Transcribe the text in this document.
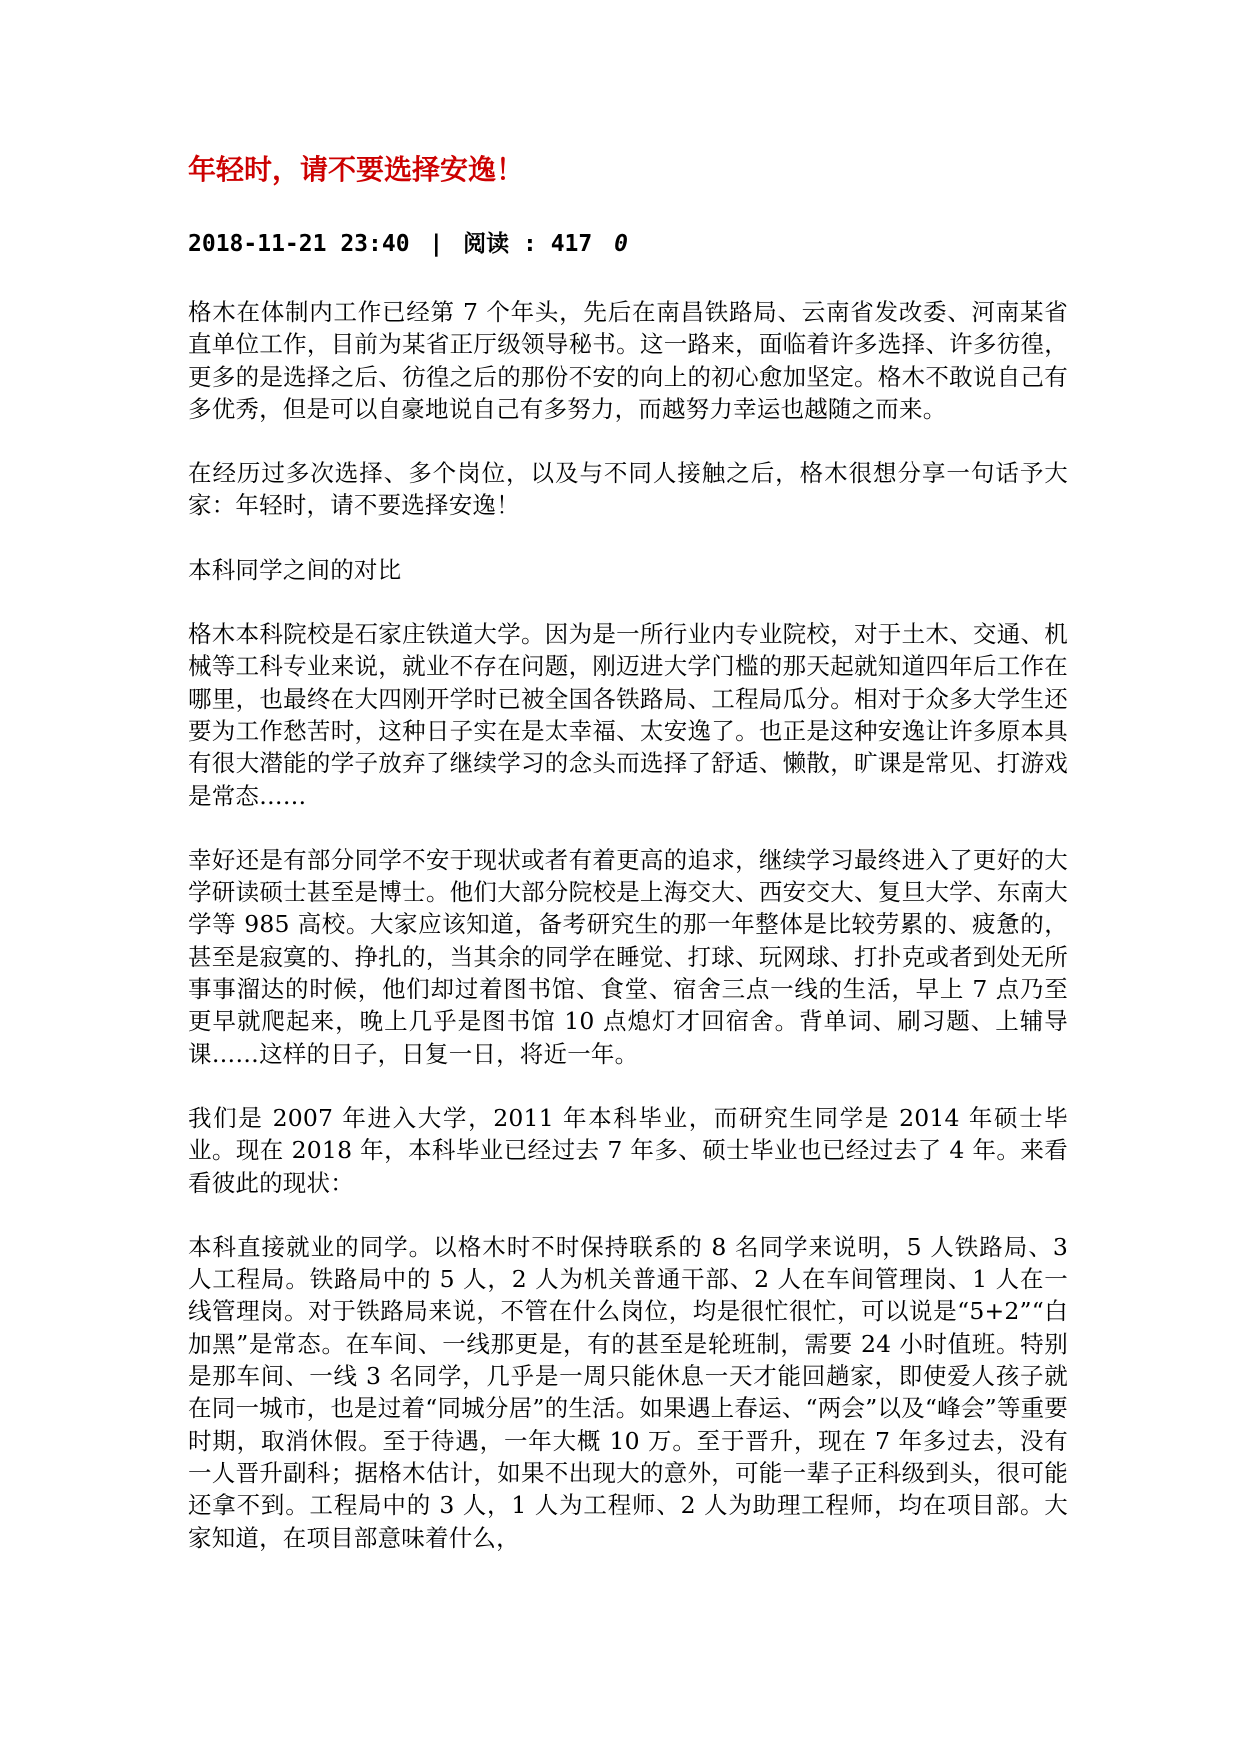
年轻时，请不要选择安逸！
2018-11-21 23:40 | 阅读 : 417 0

格木在体制内工作已经第 7 个年头，先后在南昌铁路局、云南省发改委、河南某省直单位工作，目前为某省正厅级领导秘书。这一路来，面临着许多选择、许多彷徨，更多的是选择之后、彷徨之后的那份不安的向上的初心愈加坚定。格木不敢说自己有多优秀，但是可以自豪地说自己有多努力，而越努力幸运也越随之而来。

在经历过多次选择、多个岗位，以及与不同人接触之后，格木很想分享一句话予大家：年轻时，请不要选择安逸！

本科同学之间的对比

格木本科院校是石家庄铁道大学。因为是一所行业内专业院校，对于土木、交通、机械等工科专业来说，就业不存在问题，刚迈进大学门槛的那天起就知道四年后工作在哪里，也最终在大四刚开学时已被全国各铁路局、工程局瓜分。相对于众多大学生还要为工作愁苦时，这种日子实在是太幸福、太安逸了。也正是这种安逸让许多原本具有很大潜能的学子放弃了继续学习的念头而选择了舒适、懒散，旷课是常见、打游戏是常态……

幸好还是有部分同学不安于现状或者有着更高的追求，继续学习最终进入了更好的大学研读硕士甚至是博士。他们大部分院校是上海交大、西安交大、复旦大学、东南大学等 985 高校。大家应该知道，备考研究生的那一年整体是比较劳累的、疲惫的，甚至是寂寞的、挣扎的，当其余的同学在睡觉、打球、玩网球、打扑克或者到处无所事事溜达的时候，他们却过着图书馆、食堂、宿舍三点一线的生活，早上 7 点乃至更早就爬起来，晚上几乎是图书馆 10 点熄灯才回宿舍。背单词、刷习题、上辅导课……这样的日子，日复一日，将近一年。

我们是 2007 年进入大学，2011 年本科毕业，而研究生同学是 2014 年硕士毕业。现在 2018 年，本科毕业已经过去 7 年多、硕士毕业也已经过去了 4 年。来看看彼此的现状：

本科直接就业的同学。以格木时不时保持联系的 8 名同学来说明，5 人铁路局、3 人工程局。铁路局中的 5 人，2 人为机关普通干部、2 人在车间管理岗、1 人在一线管理岗。对于铁路局来说，不管在什么岗位，均是很忙很忙，可以说是“5+2”“白加黑”是常态。在车间、一线那更是，有的甚至是轮班制，需要 24 小时值班。特别是那车间、一线 3 名同学，几乎是一周只能休息一天才能回趟家，即使爱人孩子就在同一城市，也是过着“同城分居”的生活。如果遇上春运、“两会”以及“峰会”等重要时期，取消休假。至于待遇，一年大概 10 万。至于晋升，现在 7 年多过去，没有一人晋升副科；据格木估计，如果不出现大的意外，可能一辈子正科级到头，很可能还拿不到。工程局中的 3 人，1 人为工程师、2 人为助理工程师，均在项目部。大家知道，在项目部意味着什么，
